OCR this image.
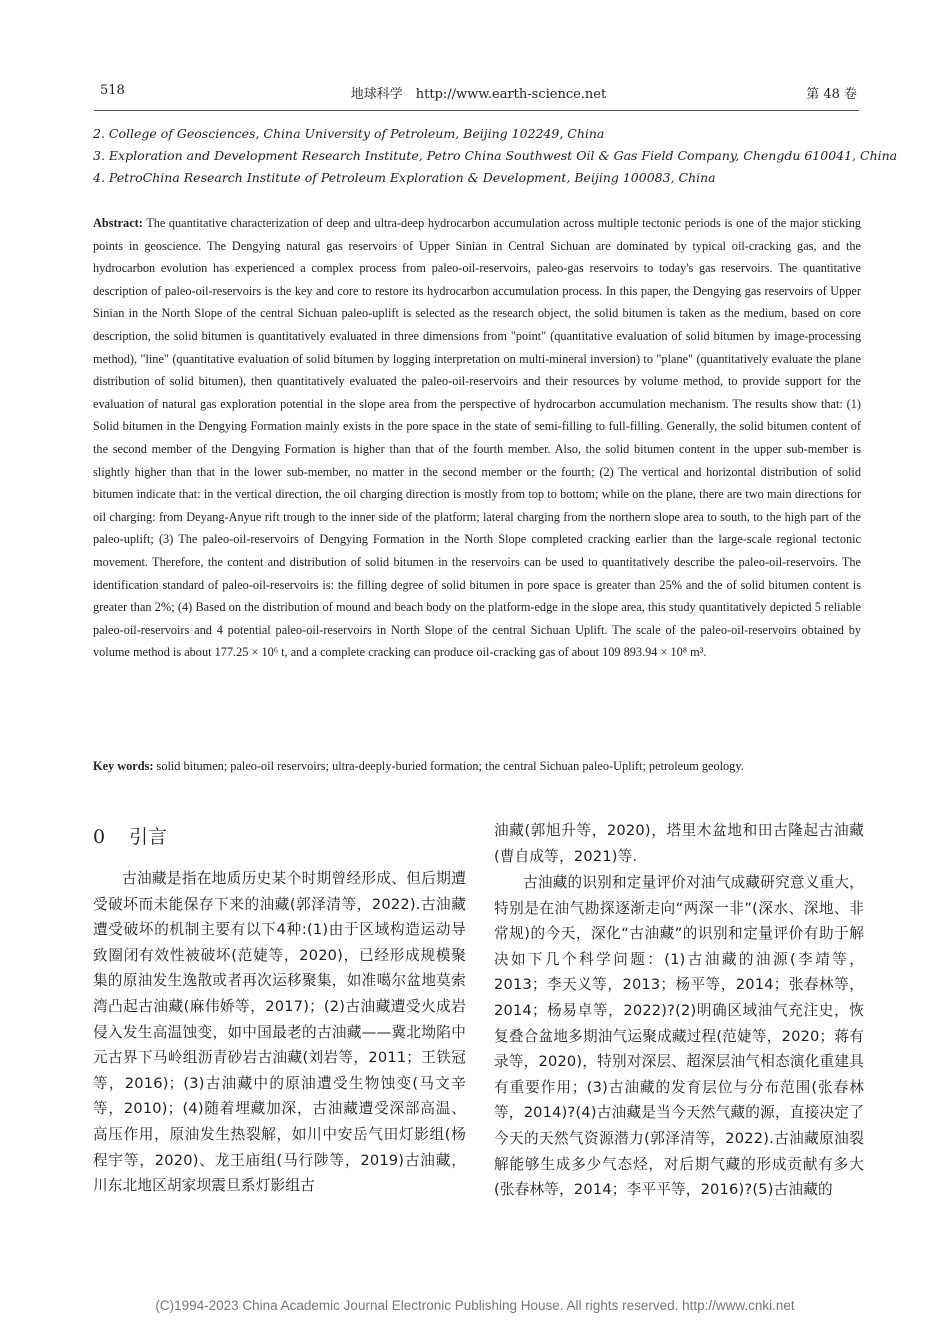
518	地球科学　http://www.earth-science.net	第 48 卷
2. College of Geosciences, China University of Petroleum, Beijing 102249, China
3. Exploration and Development Research Institute, Petro China Southwest Oil & Gas Field Company, Chengdu 610041, China
4. PetroChina Research Institute of Petroleum Exploration & Development, Beijing 100083, China
Abstract: The quantitative characterization of deep and ultra-deep hydrocarbon accumulation across multiple tectonic periods is one of the major sticking points in geoscience. The Dengying natural gas reservoirs of Upper Sinian in Central Sichuan are dominated by typical oil-cracking gas, and the hydrocarbon evolution has experienced a complex process from paleo-oil-reservoirs, paleo-gas reservoirs to today's gas reservoirs. The quantitative description of paleo-oil-reservoirs is the key and core to restore its hydrocarbon accumulation process. In this paper, the Dengying gas reservoirs of Upper Sinian in the North Slope of the central Sichuan paleo-uplift is selected as the research object, the solid bitumen is taken as the medium, based on core description, the solid bitumen is quantitatively evaluated in three dimensions from "point" (quantitative evaluation of solid bitumen by image-processing method), "line" (quantitative evaluation of solid bitumen by logging interpretation on multi-mineral inversion) to "plane" (quantitatively evaluate the plane distribution of solid bitumen), then quantitatively evaluated the paleo-oil-reservoirs and their resources by volume method, to provide support for the evaluation of natural gas exploration potential in the slope area from the perspective of hydrocarbon accumulation mechanism. The results show that: (1) Solid bitumen in the Dengying Formation mainly exists in the pore space in the state of semi-filling to full-filling. Generally, the solid bitumen content of the second member of the Dengying Formation is higher than that of the fourth member. Also, the solid bitumen content in the upper sub-member is slightly higher than that in the lower sub-member, no matter in the second member or the fourth; (2) The vertical and horizontal distribution of solid bitumen indicate that: in the vertical direction, the oil charging direction is mostly from top to bottom; while on the plane, there are two main directions for oil charging: from Deyang-Anyue rift trough to the inner side of the platform; lateral charging from the northern slope area to south, to the high part of the paleo-uplift; (3) The paleo-oil-reservoirs of Dengying Formation in the North Slope completed cracking earlier than the large-scale regional tectonic movement. Therefore, the content and distribution of solid bitumen in the reservoirs can be used to quantitatively describe the paleo-oil-reservoirs. The identification standard of paleo-oil-reservoirs is: the filling degree of solid bitumen in pore space is greater than 25% and the of solid bitumen content is greater than 2%; (4) Based on the distribution of mound and beach body on the platform-edge in the slope area, this study quantitatively depicted 5 reliable paleo-oil-reservoirs and 4 potential paleo-oil-reservoirs in North Slope of the central Sichuan Uplift. The scale of the paleo-oil-reservoirs obtained by volume method is about 177.25 × 10⁶ t, and a complete cracking can produce oil-cracking gas of about 109 893.94 × 10⁸ m³.
Key words: solid bitumen; paleo-oil reservoirs; ultra-deeply-buried formation; the central Sichuan paleo-Uplift; petroleum geology.
0 引言
古油藏是指在地质历史某个时期曾经形成、但后期遭受破坏而未能保存下来的油藏(郭泽清等，2022).古油藏遭受破坏的机制主要有以下4种:(1)由于区域构造运动导致圈闭有效性被破坏(范婕等，2020)，已经形成规模聚集的原油发生逸散或者再次运移聚集，如准噶尔盆地莫索湾凸起古油藏(麻伟娇等，2017)；(2)古油藏遭受火成岩侵入发生高温蚀变，如中国最老的古油藏——冀北坳陷中元古界下马岭组沥青砂岩古油藏(刘岩等，2011；王铁冠等，2016)；(3)古油藏中的原油遭受生物蚀变(马文辛等，2010)；(4)随着埋藏加深，古油藏遭受深部高温、高压作用，原油发生热裂解，如川中安岳气田灯影组(杨程宇等，2020)、龙王庙组(马行陟等，2019)古油藏，川东北地区胡家坝震旦系灯影组古
油藏(郭旭升等，2020)，塔里木盆地和田古隆起古油藏(曹自成等，2021)等.
古油藏的识别和定量评价对油气成藏研究意义重大，特别是在油气勘探逐渐走向“两深一非”(深水、深地、非常规)的今天，深化“古油藏”的识别和定量评价有助于解决如下几个科学问题：(1)古油藏的油源(李靖等，2013；李天义等，2013；杨平等，2014；张春林等，2014；杨易卓等，2022)?(2)明确区域油气充注史，恢复叠合盆地多期油气运聚成藏过程(范婕等，2020；蒋有录等，2020)，特别对深层、超深层油气相态演化重建具有重要作用；(3)古油藏的发育层位与分布范围(张春林等，2014)?(4)古油藏是当今天然气藏的源，直接决定了今天的天然气资源潜力(郭泽清等，2022).古油藏原油裂解能够生成多少气态烃，对后期气藏的形成贡献有多大(张春林等，2014；李平平等，2016)?(5)古油藏的
(C)1994-2023 China Academic Journal Electronic Publishing House. All rights reserved. http://www.cnki.net
